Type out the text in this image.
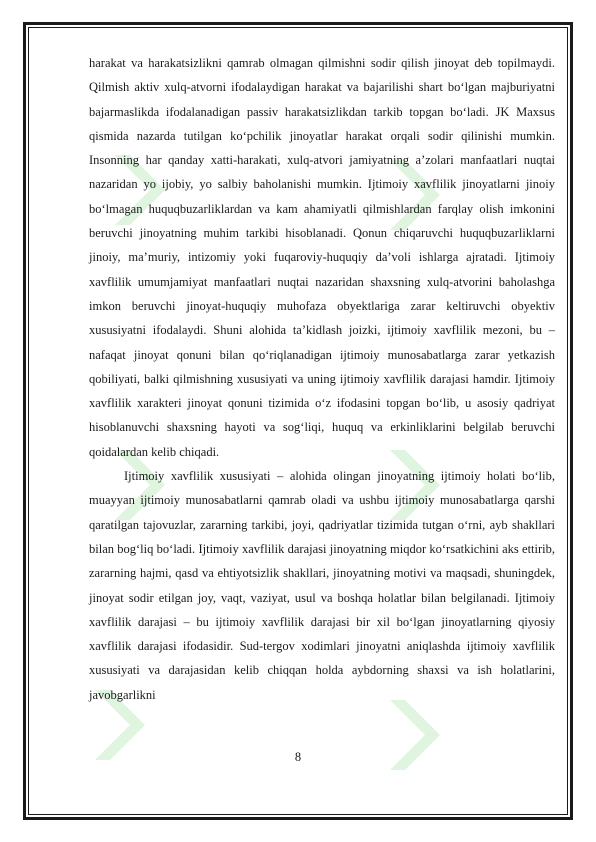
harakat va harakatsizlikni qamrab olmagan qilmishni sodir qilish jinoyat deb topilmaydi. Qilmish aktiv xulq-atvorni ifodalaydigan harakat va bajarilishi shart bo‘lgan majburiyatni bajarmaslikda ifodalanadigan passiv harakatsizlikdan tarkib topgan bo‘ladi. JK Maxsus qismida nazarda tutilgan ko‘pchilik jinoyatlar harakat orqali sodir qilinishi mumkin. Insonning har qanday xatti-harakati, xulq-atvori jamiyatning a’zolari manfaatlari nuqtai nazaridan yo ijobiy, yo salbiy baholanishi mumkin. Ijtimoiy xavflilik jinoyatlarni jinoiy bo‘lmagan huquqbuzarliklardan va kam ahamiyatli qilmishlardan farqlay olish imkonini beruvchi jinoyatning muhim tarkibi hisoblanadi. Qonun chiqaruvchi huquqbuzarliklarni jinoiy, ma’muriy, intizomiy yoki fuqaroviy-huquqiy da’voli ishlarga ajratadi. Ijtimoiy xavflilik umumjamiyat manfaatlari nuqtai nazaridan shaxsning xulq-atvorini baholashga imkon beruvchi jinoyat-huquqiy muhofaza obyektlariga zarar keltiruvchi obyektiv xususiyatni ifodalaydi. Shuni alohida ta’kidlash joizki, ijtimoiy xavflilik mezoni, bu – nafaqat jinoyat qonuni bilan qo‘riqlanadigan ijtimoiy munosabatlarga zarar yetkazish qobiliyati, balki qilmishning xususiyati va uning ijtimoiy xavflilik darajasi hamdir. Ijtimoiy xavflilik xarakteri jinoyat qonuni tizimida o‘z ifodasini topgan bo‘lib, u asosiy qadriyat hisoblanuvchi shaxsning hayoti va sog‘liqi, huquq va erkinliklarini belgilab beruvchi qoidalardan kelib chiqadi.

Ijtimoiy xavflilik xususiyati – alohida olingan jinoyatning ijtimoiy holati bo‘lib, muayyan ijtimoiy munosabatlarni qamrab oladi va ushbu ijtimoiy munosabatlarga qarshi qaratilgan tajovuzlar, zararning tarkibi, joyi, qadriyatlar tizimida tutgan o‘rni, ayb shakllari bilan bog‘liq bo‘ladi. Ijtimoiy xavflilik darajasi jinoyatning miqdor ko‘rsatkichini aks ettirib, zararning hajmi, qasd va ehtiyotsizlik shakllari, jinoyatning motivi va maqsadi, shuningdek, jinoyat sodir etilgan joy, vaqt, vaziyat, usul va boshqa holatlar bilan belgilanadi. Ijtimoiy xavflilik darajasi – bu ijtimoiy xavflilik darajasi bir xil bo‘lgan jinoyatlarning qiyosiy xavflilik darajasi ifodasidir. Sud-tergov xodimlari jinoyatni aniqlashda ijtimoiy xavflilik xususiyati va darajasidan kelib chiqqan holda aybdorning shaxsi va ish holatlarini, javobgarlikni

8
